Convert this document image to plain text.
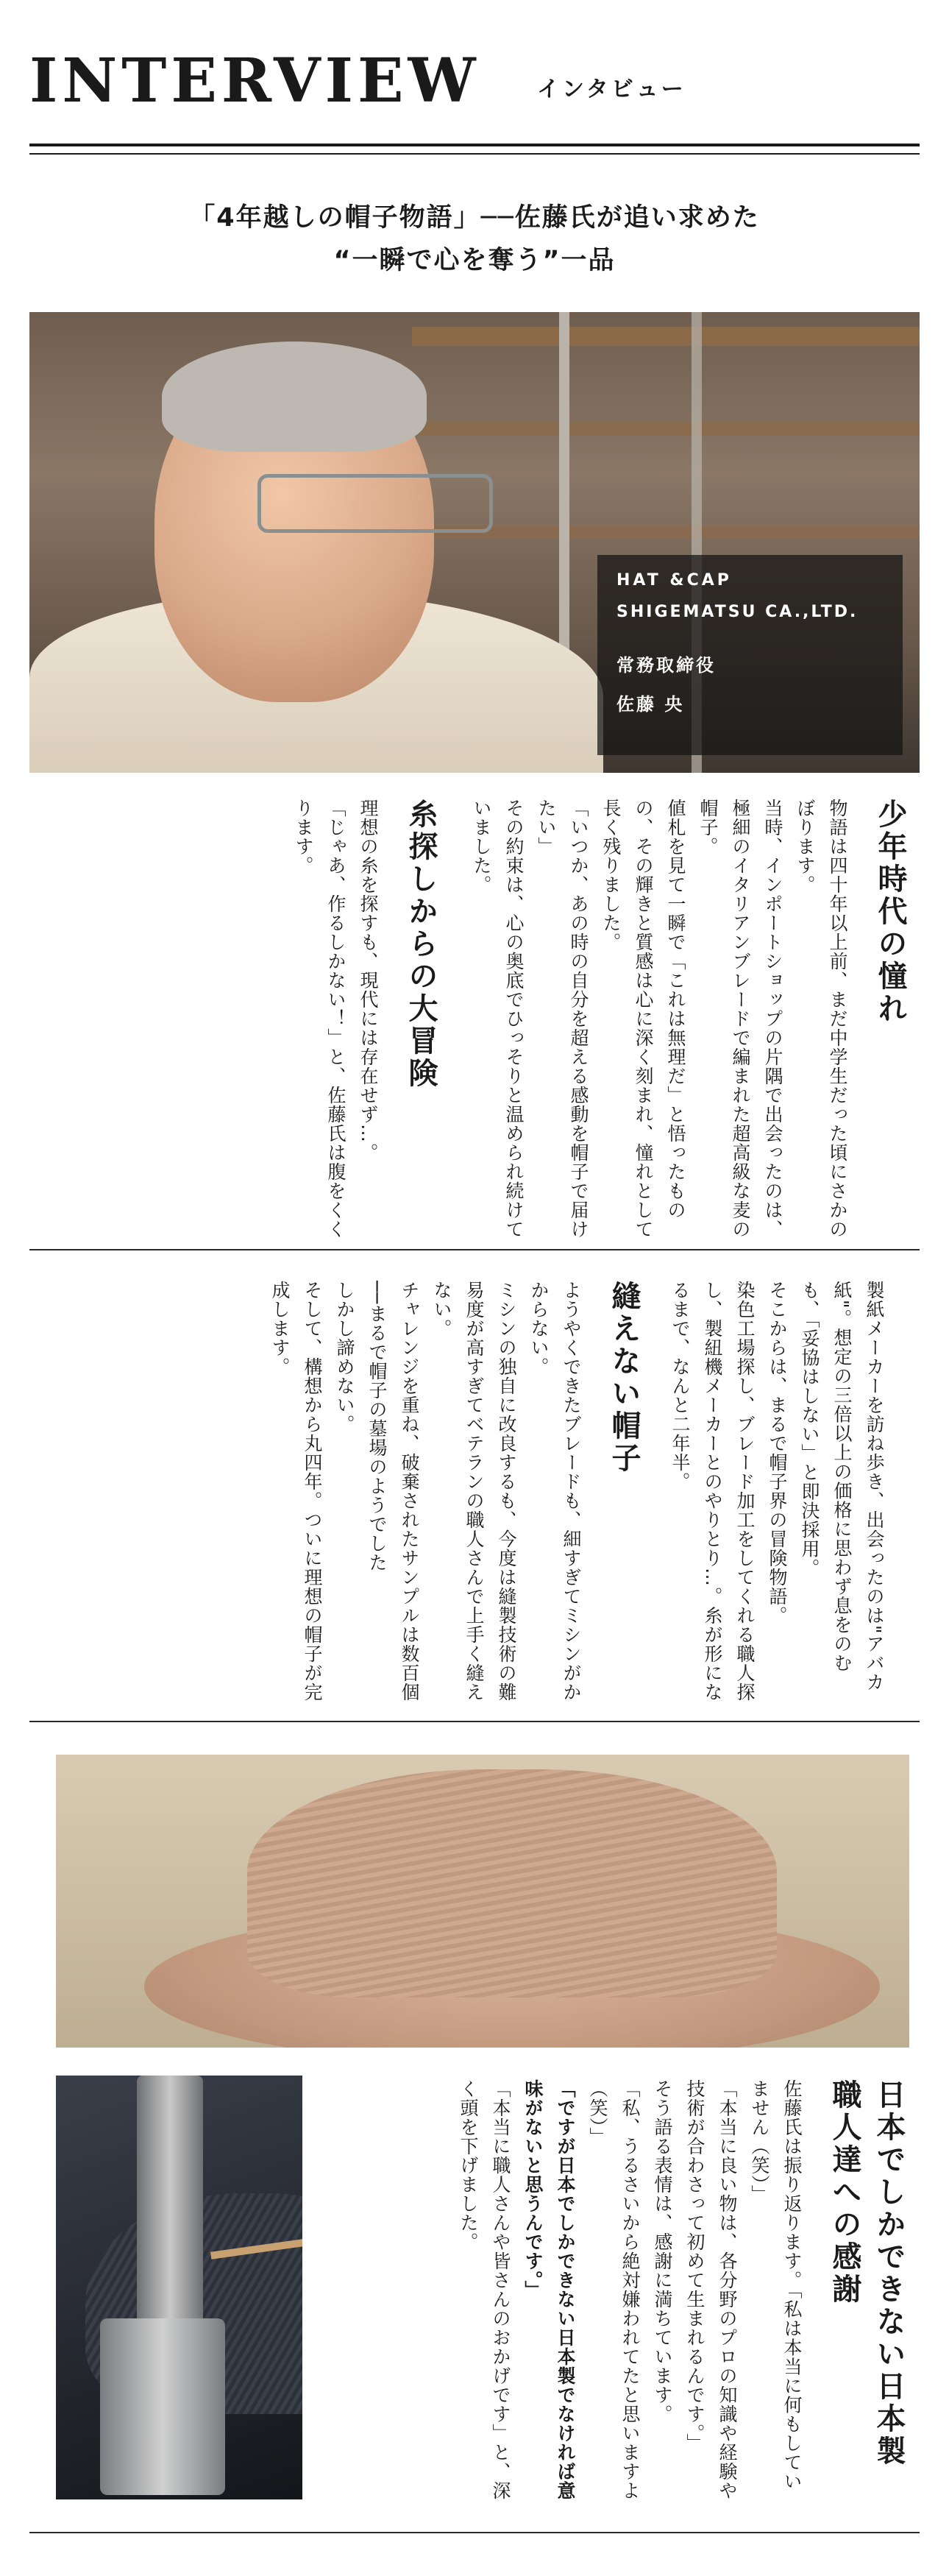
INTERVIEW	インタビュー
「4年越しの帽子物語」──佐藤氏が追い求めた
“一瞬で心を奪う”一品
HAT &CAP
SHIGEMATSU CA.,LTD.
常務取締役
佐藤 央
少年時代の憧れ

物語は四十年以上前、まだ中学生だった頃にさかのぼります。

当時、インポートショップの片隅で出会ったのは、極細のイタリアンブレードで編まれた超高級な麦の帽子。

値札を見て一瞬で「これは無理だ」と悟ったものの、その輝きと質感は心に深く刻まれ、憧れとして長く残りました。

「いつか、あの時の自分を超える感動を帽子で届けたい」

その約束は、心の奥底でひっそりと温められ続けていました。

糸探しからの大冒険

理想の糸を探すも、現代には存在せず…。

「じゃあ、作るしかない！」と、佐藤氏は腹をくくります。

製紙メーカーを訪ね歩き、出会ったのは"アバカ紙"。想定の三倍以上の価格に思わず息をのむも、「妥協はしない」と即決採用。

そこからは、まるで帽子界の冒険物語。

染色工場探し、ブレード加工をしてくれる職人探し、製紐機メーカーとのやりとり…。糸が形になるまで、なんと二年半。

縫えない帽子

ようやくできたブレードも、細すぎてミシンがかからない。

ミシンの独自に改良するも、今度は縫製技術の難易度が高すぎてベテランの職人さんで上手く縫えない。

チャレンジを重ね、破棄されたサンプルは数百個──まるで帽子の墓場のようでした

しかし諦めない。

そして、構想から丸四年。ついに理想の帽子が完成します。

日本でしかできない日本製
職人達への感謝

佐藤氏は振り返ります。「私は本当に何もしていません（笑）」

「本当に良い物は、各分野のプロの知識や経験や技術が合わさって初めて生まれるんです。」

そう語る表情は、感謝に満ちています。

「私、うるさいから絶対嫌われてたと思いますよ（笑）」

「ですが日本でしかできない日本製でなければ意味がないと思うんです。」

「本当に職人さんや皆さんのおかげです」と、深く頭を下げました。
